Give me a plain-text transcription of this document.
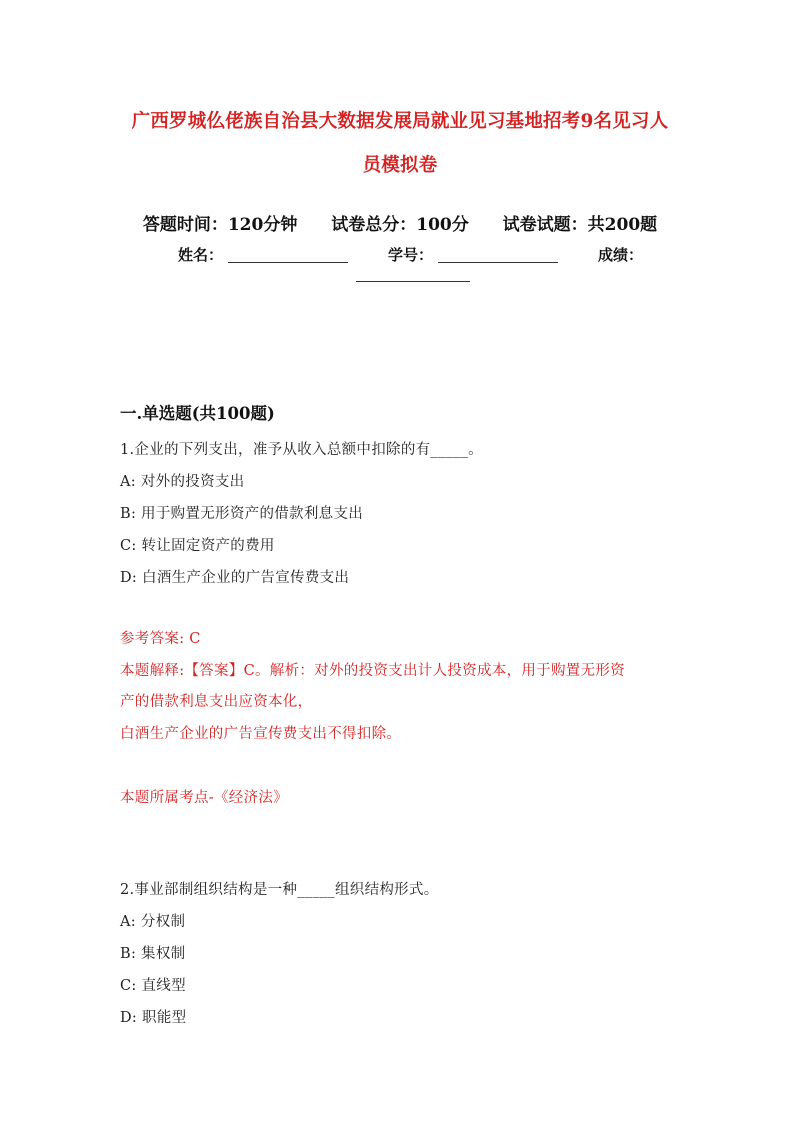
广西罗城仫佬族自治县大数据发展局就业见习基地招考9名见习人
员模拟卷
答题时间：120分钟 试卷总分：100分 试卷试题：共200题
姓名：	学号：	成绩：
一.单选题(共100题)
1.企业的下列支出，准予从收入总额中扣除的有_____。
A: 对外的投资支出
B: 用于购置无形资产的借款利息支出
C: 转让固定资产的费用
D: 白酒生产企业的广告宣传费支出
参考答案: C
本题解释:【答案】C。解析：对外的投资支出计人投资成本，用于购置无形资
产的借款利息支出应资本化，
白酒生产企业的广告宣传费支出不得扣除。
本题所属考点-《经济法》
2.事业部制组织结构是一种_____组织结构形式。
A: 分权制
B: 集权制
C: 直线型
D: 职能型
